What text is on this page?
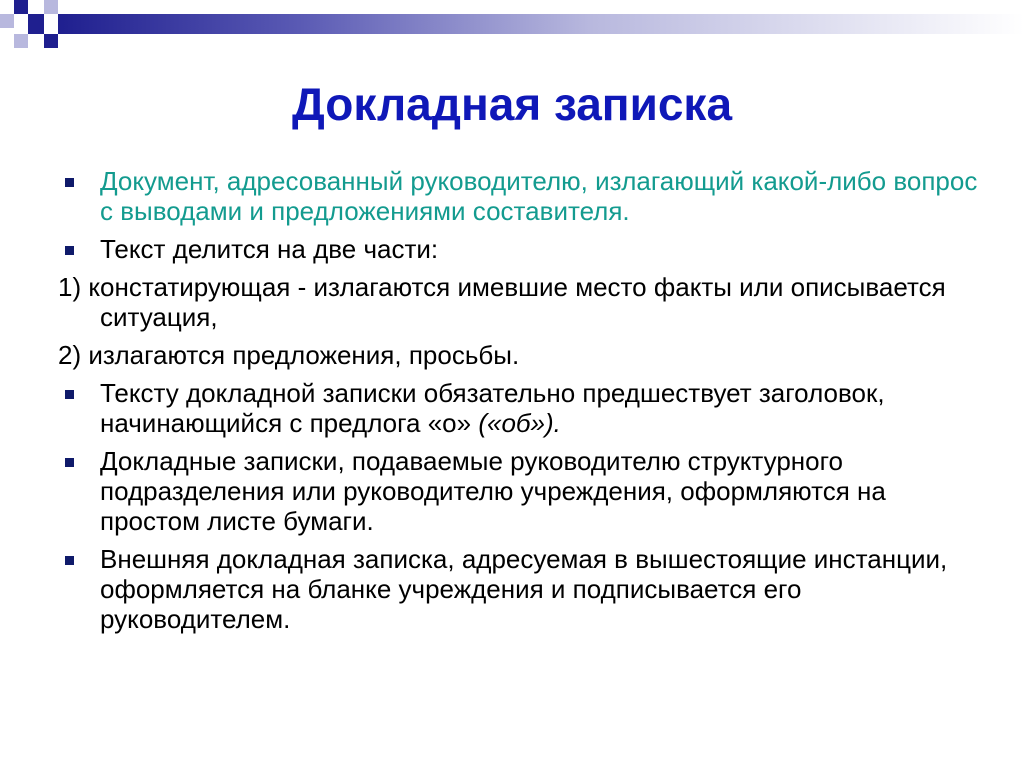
Докладная записка
Документ, адресованный руководителю, излагающий какой-либо вопрос с выводами и предложениями составителя.
Текст делится на две части:
1) констатирующая - излагаются имевшие место факты или описывается ситуация,
2) излагаются предложения, просьбы.
Тексту докладной записки обязательно предшествует заголовок, начинающийся с предлога «о» («об»).
Докладные записки, подаваемые руководителю структурного подразделения или руководителю учреждения, оформляются на простом листе бумаги.
Внешняя докладная записка, адресуемая в вышестоящие инстанции, оформляется на бланке учреждения и подписывается его руководителем.
